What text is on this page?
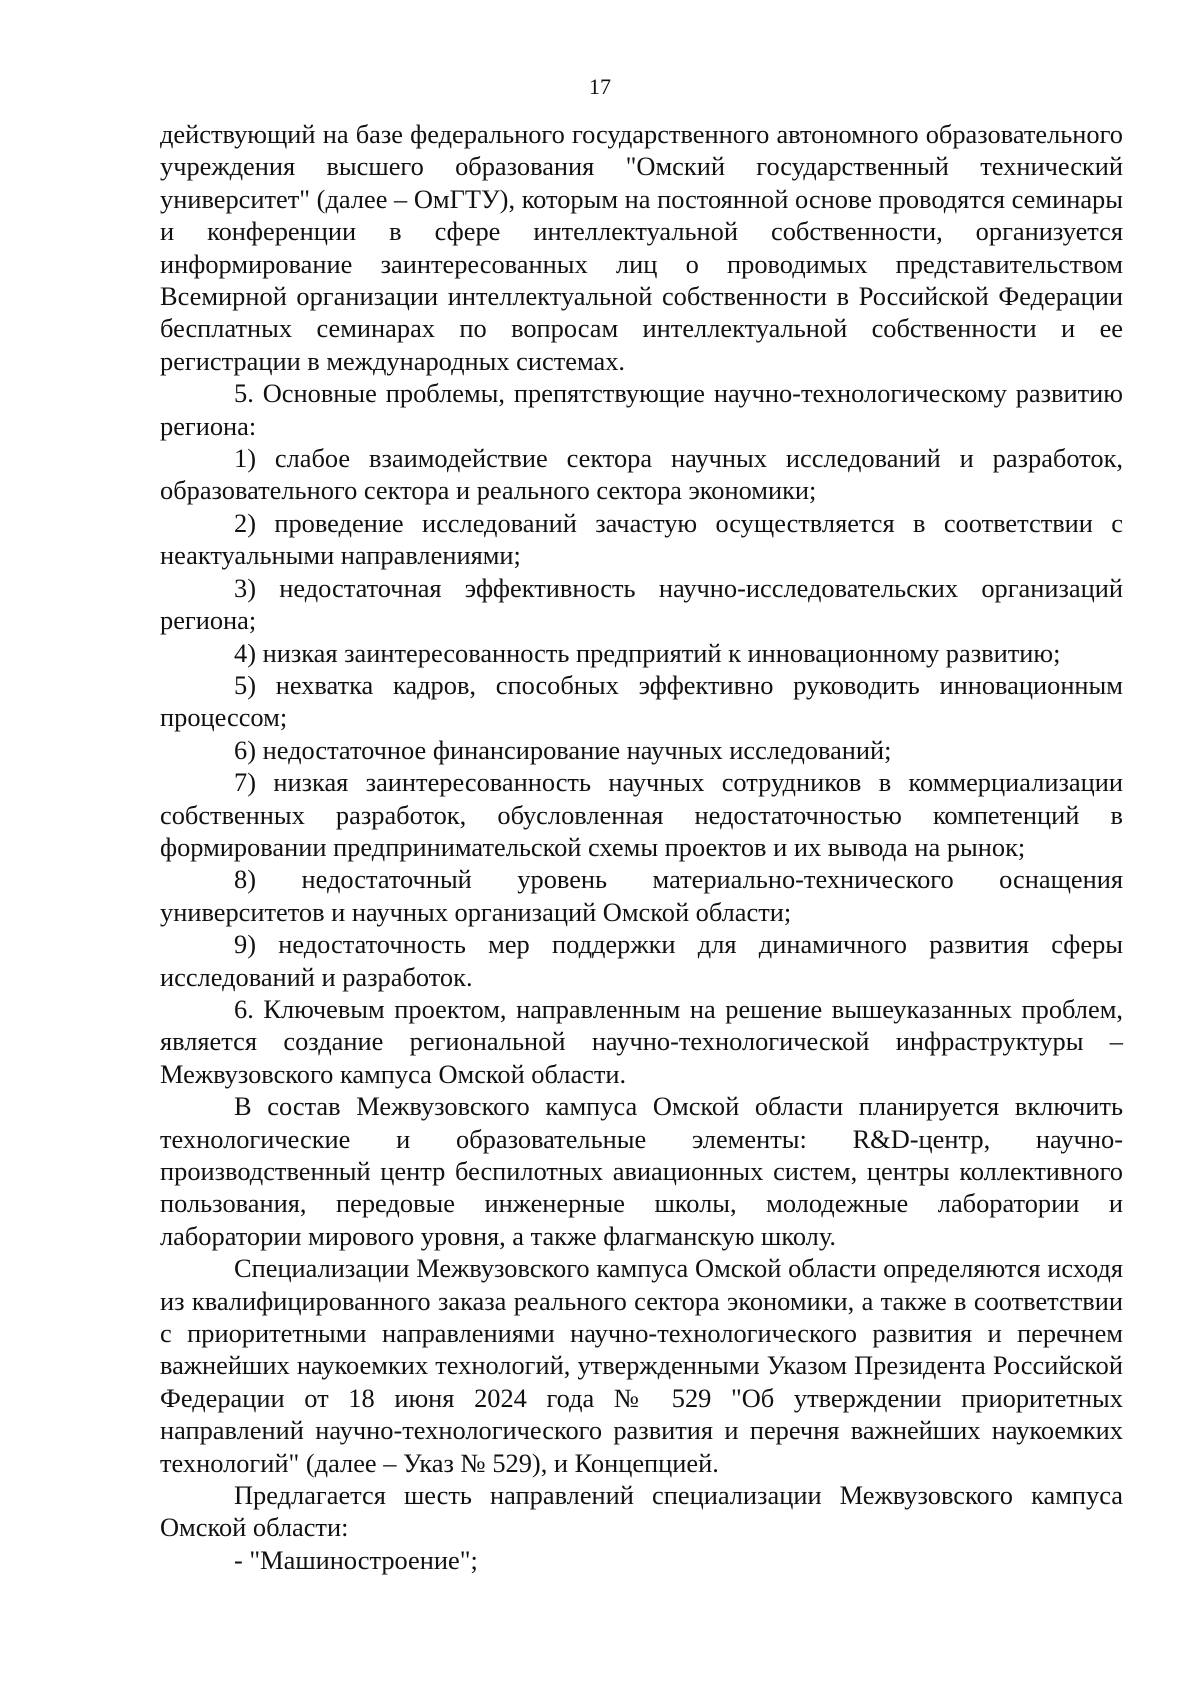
17

действующий на базе федерального государственного автономного образовательного учреждения высшего образования "Омский государственный технический университет" (далее – ОмГТУ), которым на постоянной основе проводятся семинары и конференции в сфере интеллектуальной собственности, организуется информирование заинтересованных лиц о проводимых представительством Всемирной организации интеллектуальной собственности в Российской Федерации бесплатных семинарах по вопросам интеллектуальной собственности и ее регистрации в международных системах.

5. Основные проблемы, препятствующие научно-технологическому развитию региона:

1) слабое взаимодействие сектора научных исследований и разработок, образовательного сектора и реального сектора экономики;

2) проведение исследований зачастую осуществляется в соответствии с неактуальными направлениями;

3) недостаточная эффективность научно-исследовательских организаций региона;

4) низкая заинтересованность предприятий к инновационному развитию;

5) нехватка кадров, способных эффективно руководить инновационным процессом;

6) недостаточное финансирование научных исследований;

7) низкая заинтересованность научных сотрудников в коммерциализации собственных разработок, обусловленная недостаточностью компетенций в формировании предпринимательской схемы проектов и их вывода на рынок;

8) недостаточный уровень материально-технического оснащения университетов и научных организаций Омской области;

9) недостаточность мер поддержки для динамичного развития сферы исследований и разработок.

6. Ключевым проектом, направленным на решение вышеуказанных проблем, является создание региональной научно-технологической инфраструктуры – Межвузовского кампуса Омской области.

В состав Межвузовского кампуса Омской области планируется включить технологические и образовательные элементы: R&D-центр, научно-производственный центр беспилотных авиационных систем, центры коллективного пользования, передовые инженерные школы, молодежные лаборатории и лаборатории мирового уровня, а также флагманскую школу.

Специализации Межвузовского кампуса Омской области определяются исходя из квалифицированного заказа реального сектора экономики, а также в соответствии с приоритетными направлениями научно-технологического развития и перечнем важнейших наукоемких технологий, утвержденными Указом Президента Российской Федерации от 18 июня 2024 года № 529 "Об утверждении приоритетных направлений научно-технологического развития и перечня важнейших наукоемких технологий" (далее – Указ № 529), и Концепцией.

Предлагается шесть направлений специализации Межвузовского кампуса Омской области:

- "Машиностроение";
